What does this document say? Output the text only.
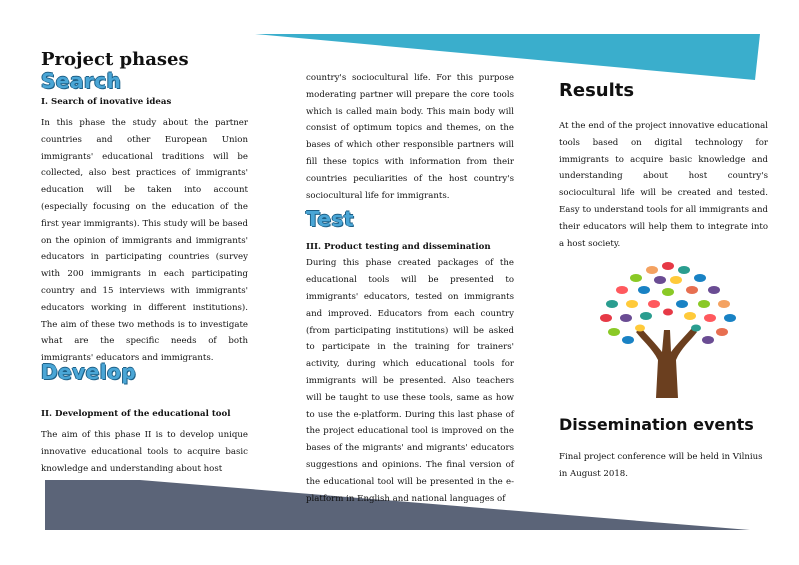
Project phases
Search
I. Search of inovative ideas

In this phase the study about the partner countries and other European Union immigrants' educational traditions will be collected, also best practices of immigrants' education will be taken into account (especially focusing on the education of the first year immigrants). This study will be based on the opinion of immigrants and immigrants' educators in participating countries (survey with 200 immigrants in each participating country and 15 interviews with immigrants' educators working in different institutions). The aim of these two methods is to investigate what are the specific needs of both immigrants' educators and immigrants.

Develop
II. Development of the educational tool

The aim of this phase II is to develop unique innovative educational tools to acquire basic knowledge and understanding about host

country's sociocultural life. For this purpose moderating partner will prepare the core tools which is called main body. This main body will consist of optimum topics and themes, on the bases of which other responsible partners will fill these topics with information from their countries peculiarities of the host country's sociocultural life for immigrants.

Test
III. Product testing and dissemination

During this phase created packages of the educational tools will be presented to immigrants' educators, tested on immigrants and improved. Educators from each country (from participating institutions) will be asked to participate in the training for trainers' activity, during which educational tools for immigrants will be presented. Also teachers will be taught to use these tools, same as how to use the e-platform. During this last phase of the project educational tool is improved on the bases of the migrants' and migrants' educators suggestions and opinions. The final version of the educational tool will be presented in the e-platform in English and national languages of

Results

At the end of the project innovative educational tools based on digital technology for immigrants to acquire basic knowledge and understanding about host country's sociocultural life will be created and tested. Easy to understand tools for all immigrants and their educators will help them to integrate into a host society.

Dissemination events

Final project conference will be held in Vilnius in August 2018.
